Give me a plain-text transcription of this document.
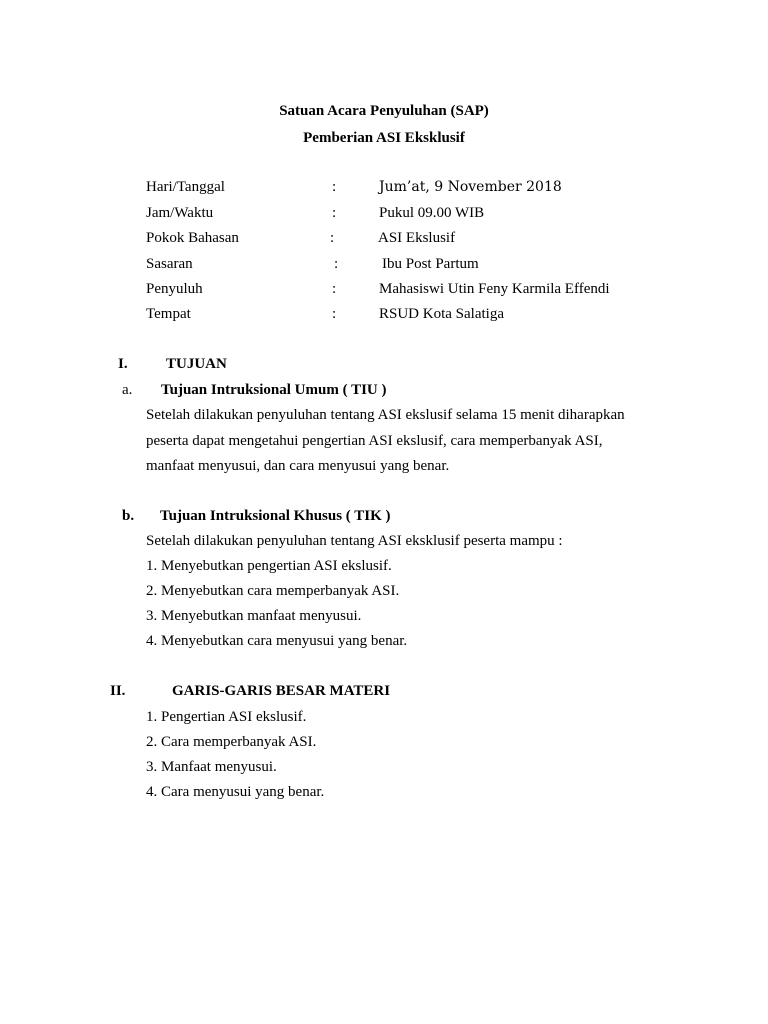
Satuan Acara Penyuluhan (SAP)
Pemberian ASI Eksklusif
Hari/Tanggal	:	Jum’at, 9 November 2018
Jam/Waktu	:	Pukul 09.00 WIB
Pokok Bahasan	:	ASI Ekslusif
Sasaran	:	Ibu Post Partum
Penyuluh	:	Mahasiswi Utin Feny Karmila Effendi
Tempat	:	RSUD Kota Salatiga
I.	TUJUAN
a. Tujuan Intruksional Umum ( TIU )
Setelah dilakukan penyuluhan tentang ASI ekslusif selama 15 menit diharapkan
peserta dapat mengetahui pengertian ASI ekslusif, cara memperbanyak ASI,
manfaat menyusui, dan cara menyusui yang benar.
b. Tujuan Intruksional Khusus ( TIK )
Setelah dilakukan penyuluhan tentang ASI eksklusif peserta mampu :
1. Menyebutkan pengertian ASI ekslusif.
2. Menyebutkan cara memperbanyak ASI.
3. Menyebutkan manfaat menyusui.
4. Menyebutkan cara menyusui yang benar.
II.	GARIS-GARIS BESAR MATERI
1. Pengertian ASI ekslusif.
2. Cara memperbanyak ASI.
3. Manfaat menyusui.
4. Cara menyusui yang benar.
